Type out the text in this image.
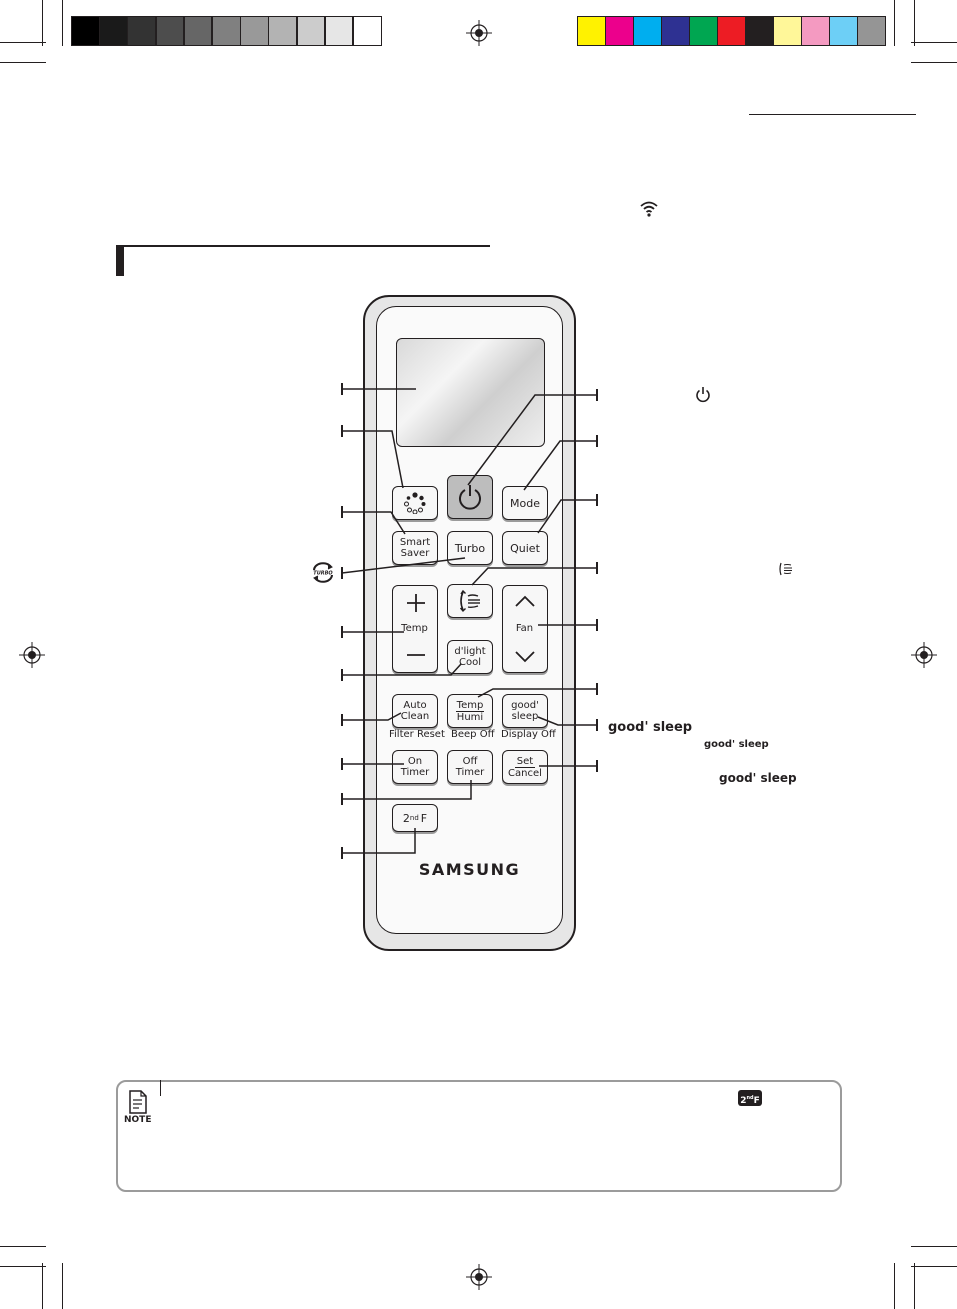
Mode
Smart
Saver Turbo Quiet
Temp	Fan
d'light
Cool
Auto
Clean
Temp
Humi
good'
sleep
Filter Reset Beep Off Display Off
On
Timer
Off
Timer
Set
Cancel
2 nd F
SAMSUNG
TURBO
good' sleep
good' sleep
good' sleep
NOTE
2ndF
